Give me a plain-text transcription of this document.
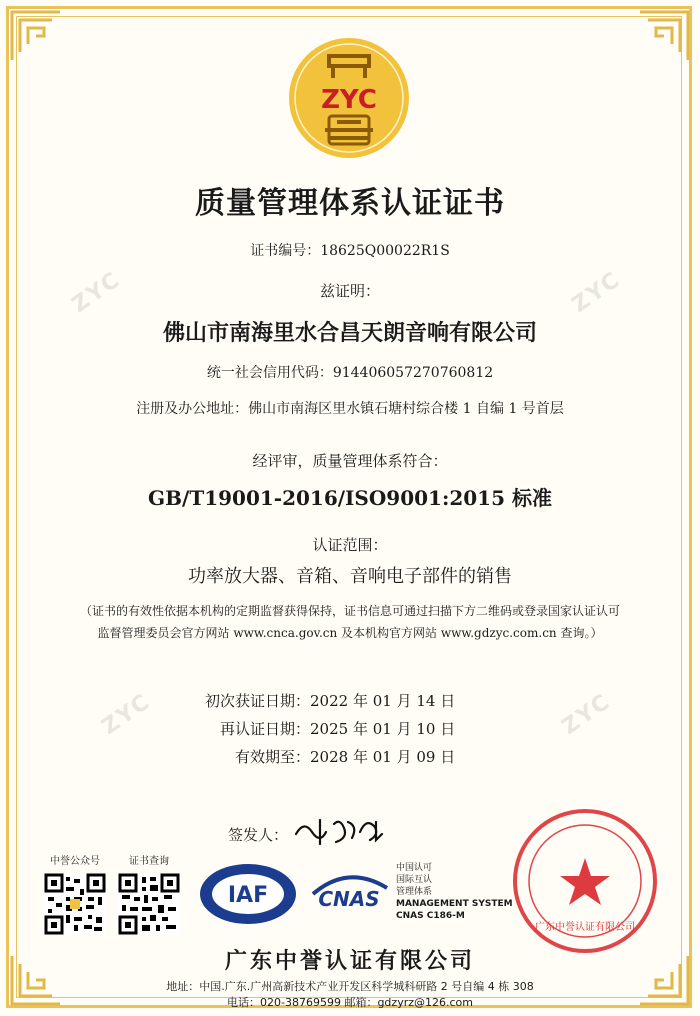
ZYC	ZYC
ZYC	ZYC
ZYC
质量管理体系认证证书
证书编号：18625Q00022R1S
兹证明：
佛山市南海里水合昌天朗音响有限公司
统一社会信用代码：914406057270760812
注册及办公地址：佛山市南海区里水镇石塘村综合楼 1 自编 1 号首层
经评审，质量管理体系符合：
GB/T19001-2016/ISO9001:2015 标准
认证范围：
功率放大器、音箱、音响电子部件的销售
（证书的有效性依据本机构的定期监督获得保持，证书信息可通过扫描下方二维码或登录国家认证认可
监督管理委员会官方网站 www.cnca.gov.cn 及本机构官方网站 www.gdzyc.com.cn 查询。）
初次获证日期：2022 年 01 月 14 日
再认证日期：2025 年 01 月 10 日
有效期至：2028 年 01 月 09 日
签发人：
中誉公众号	证书查询
IAF	CNAS
中国认可
国际互认
管理体系
MANAGEMENT SYSTEM
CNAS C186-M
广东中誉认证有限公司
广东中誉认证有限公司
地址：中国.广东.广州高新技术产业开发区科学城科研路 2 号自编 4 栋 308
电话：020-38769599 邮箱：gdzyrz@126.com
